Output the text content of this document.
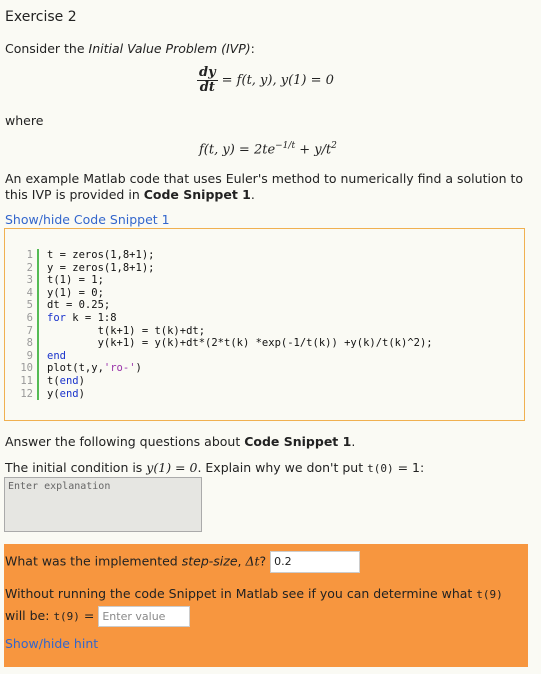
Exercise 2
Consider the Initial Value Problem (IVP):
$\frac{dy}{dt} = f(t$, y), y(1) = 0
where
f(t, $y) = 2te^{-1/t} + y/t^2$
An example Matlab code that uses Euler's method to numerically find a solution to this IVP is provided in Code Snippet 1.
Show/hide Code Snippet 1
1
2
3
4
5
6
7
8
9
10
11
12
t = zeros(1,8+1);
y = zeros(1,8+1);
t(1) = 1;
y(1) = 0;
dt = 0.25;
for k = 1:8
t(k+1) = t(k)+dt;
y(k+1) = y(k)+dt*(2*t(k) *exp(-1/t(k)) +y(k)/t(k)^2);
end
plot(t,y,'ro-')
t(end)
y(end)
Answer the following questions about Code Snippet 1.
The initial condition is y(1) = 0. Explain why we don't put t(0) = 1:
Enter explanation
What was the implemented step-size, Δt? 0.2
Without running the code Snippet in Matlab see if you can determine what t(9) will be: t(9) = Enter value
Show/hide hint
